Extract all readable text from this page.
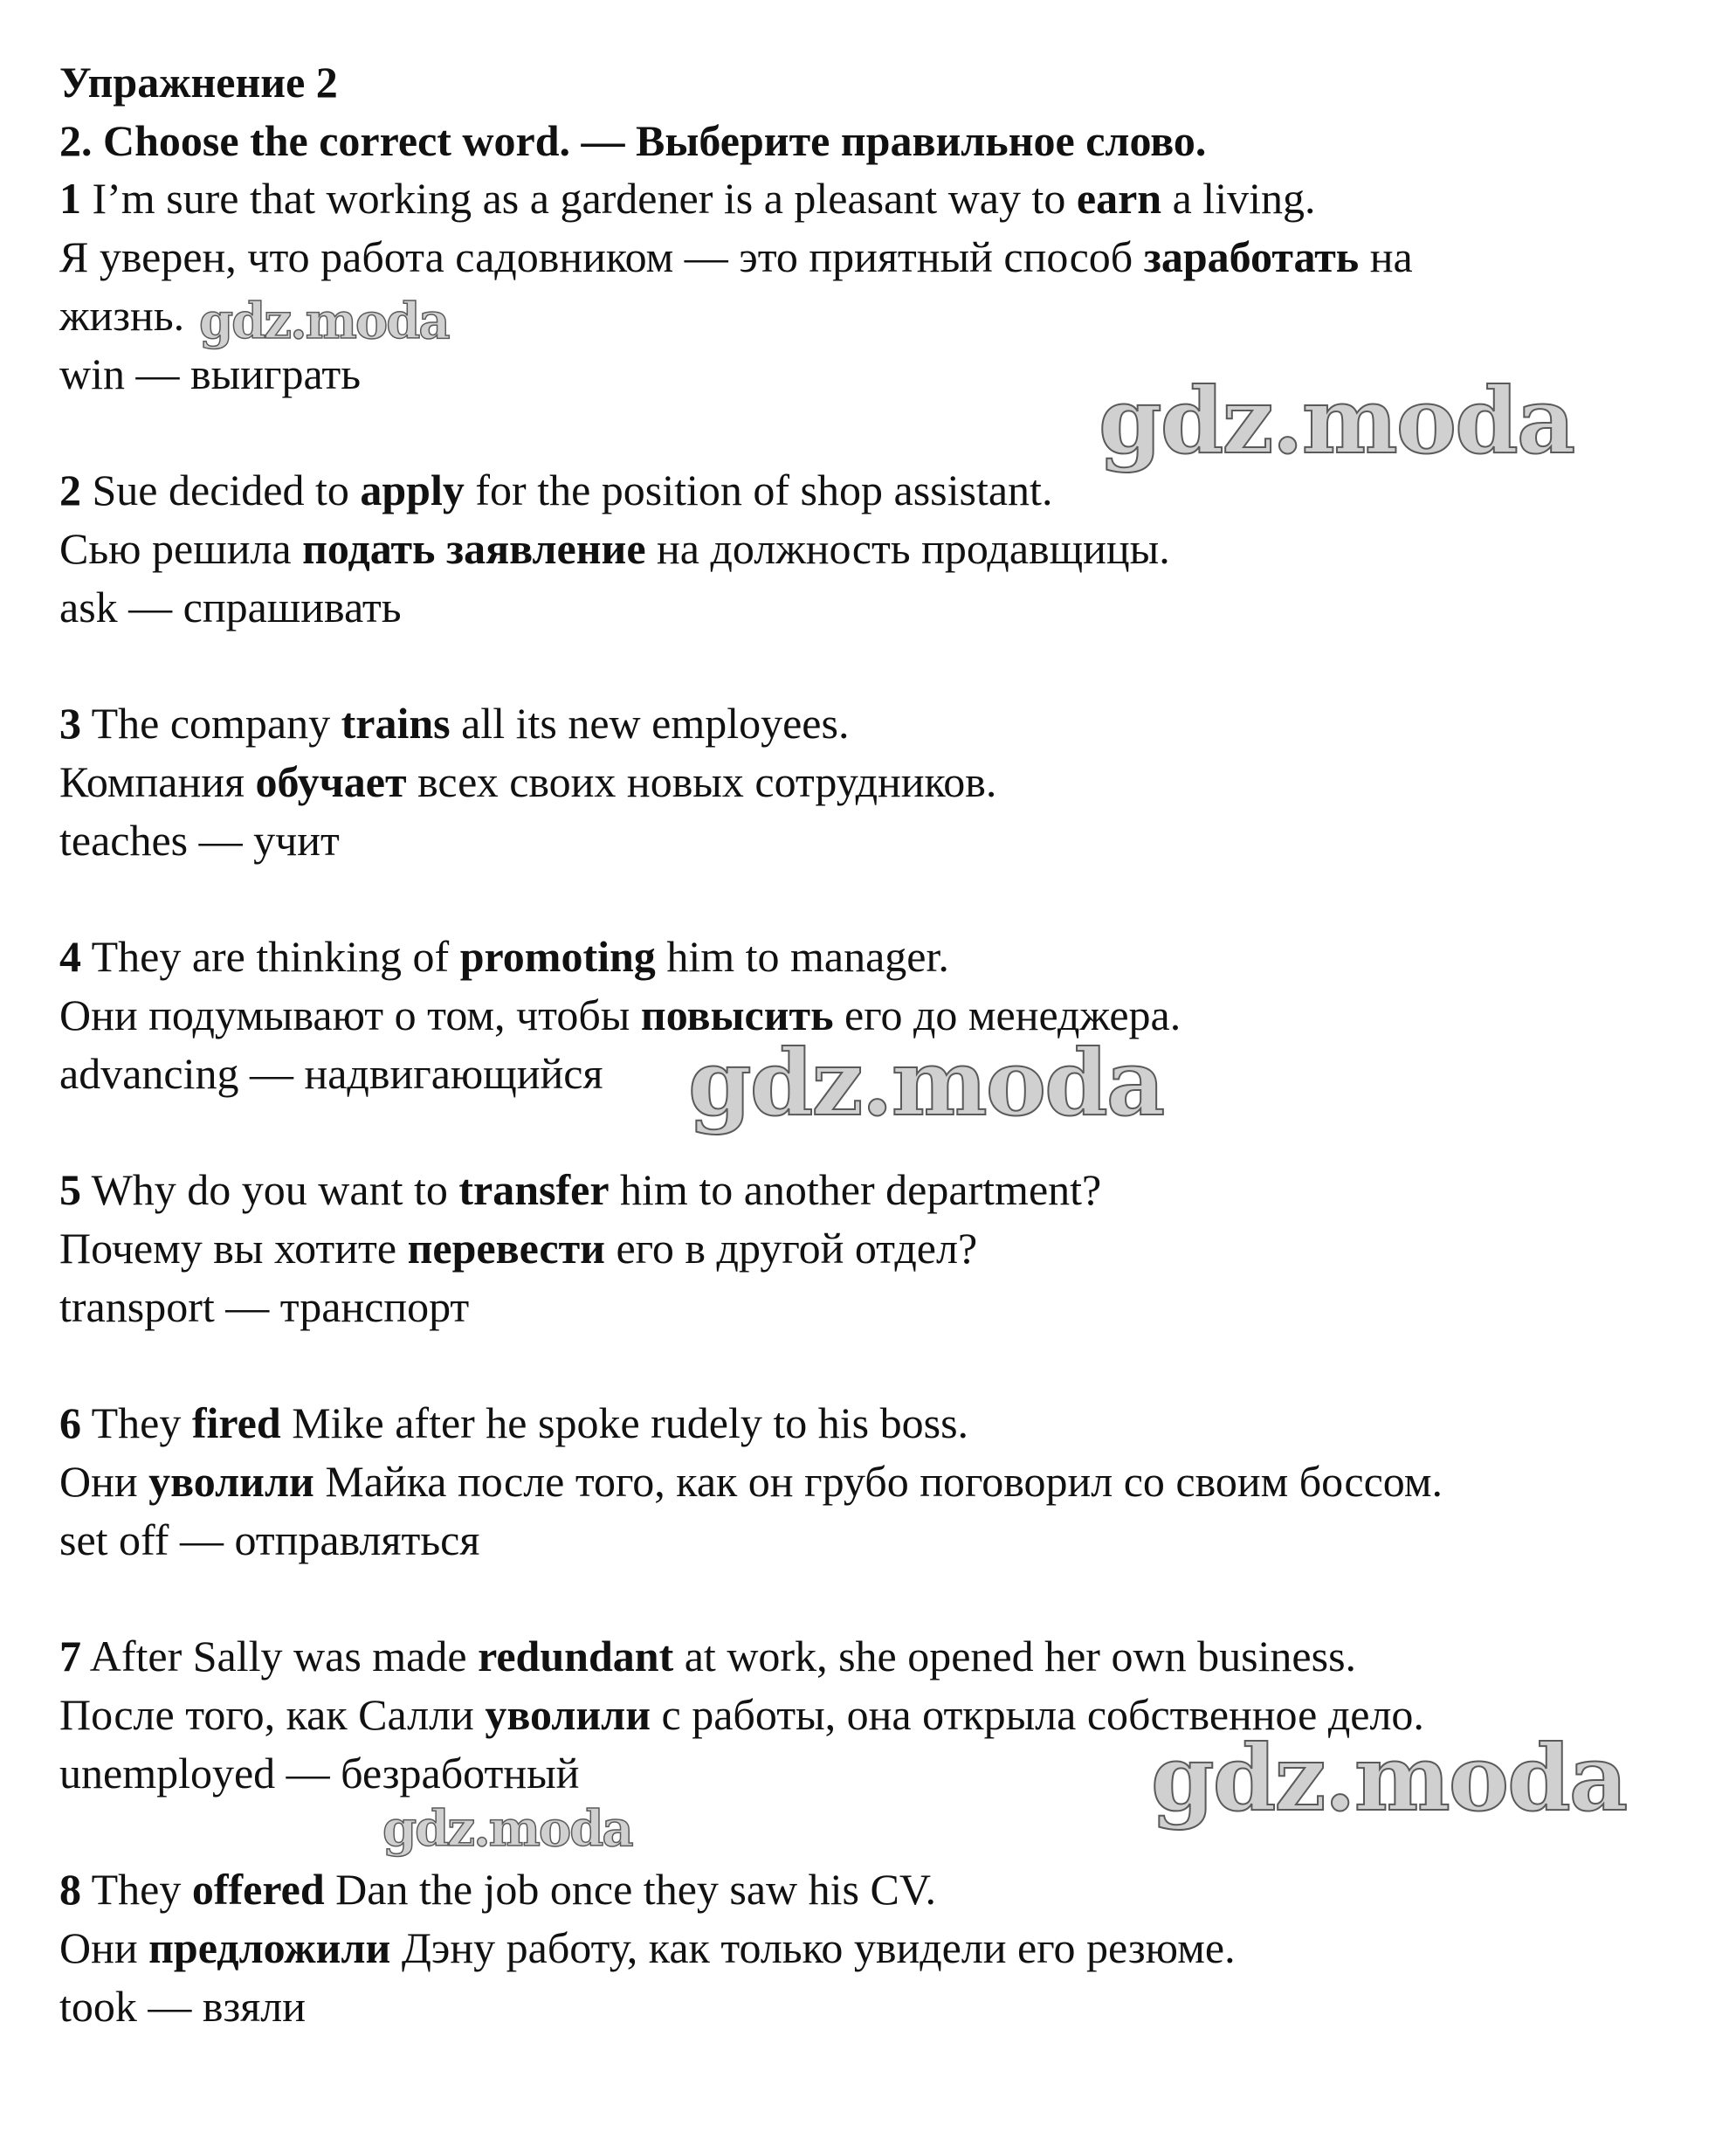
Упражнение 2
2. Choose the correct word. — Выберите правильное слово.
1 I’m sure that working as a gardener is a pleasant way to earn a living.
Я уверен, что работа садовником — это приятный способ заработать на
жизнь.
win — выиграть
2 Sue decided to apply for the position of shop assistant.
Сью решила подать заявление на должность продавщицы.
ask — спрашивать
3 The company trains all its new employees.
Компания обучает всех своих новых сотрудников.
teaches — учит
4 They are thinking of promoting him to manager.
Они подумывают о том, чтобы повысить его до менеджера.
advancing — надвигающийся
5 Why do you want to transfer him to another department?
Почему вы хотите перевести его в другой отдел?
transport — транспорт
6 They fired Mike after he spoke rudely to his boss.
Они уволили Майка после того, как он грубо поговорил со своим боссом.
set off — отправляться
7 After Sally was made redundant at work, she opened her own business.
После того, как Салли уволили с работы, она открыла собственное дело.
unemployed — безработный
8 They offered Dan the job once they saw his CV.
Они предложили Дэну работу, как только увидели его резюме.
took — взяли
gdz.moda
gdz.moda
gdz.moda
gdz.moda
gdz.moda
